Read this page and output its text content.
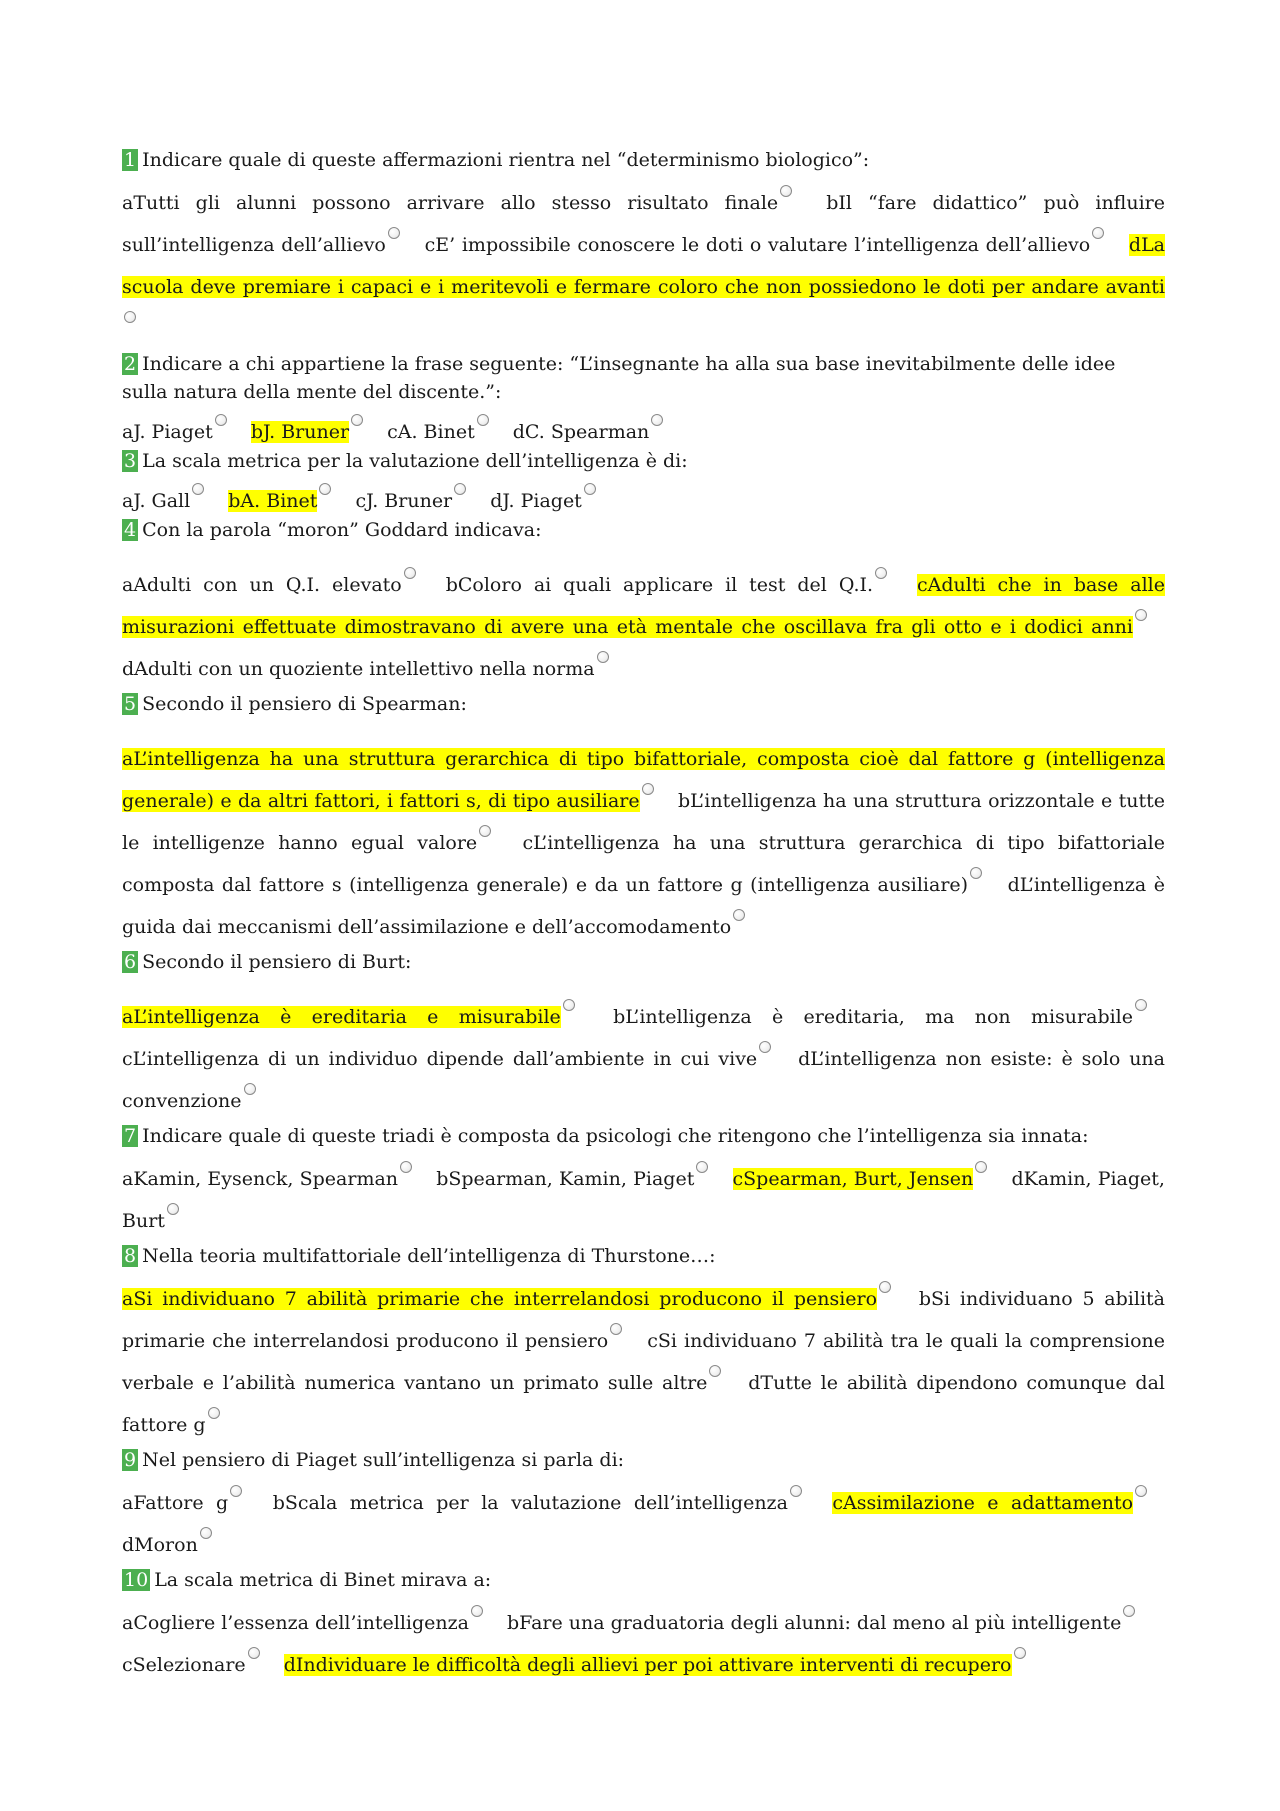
1 Indicare quale di queste affermazioni rientra nel “determinismo biologico”:
aTutti gli alunni possono arrivare allo stesso risultato finale	bIl “fare didattico” può influire sull’intelligenza dell’allievo cE’ impossibile conoscere le doti o valutare l’intelligenza dell’allievo dLa scuola deve premiare i capaci e i meritevoli e fermare coloro che non possiedono le doti per andare avanti
2 Indicare a chi appartiene la frase seguente: “L’insegnante ha alla sua base inevitabilmente delle idee sulla natura della mente del discente.”:
aJ. Piaget bJ. Bruner cA. Binet dC. Spearman
3 La scala metrica per la valutazione dell’intelligenza è di:
aJ. Gall bA. Binet cJ. Bruner dJ. Piaget
4 Con la parola “moron” Goddard indicava:
aAdulti con un Q.I. elevato bColoro ai quali applicare il test del Q.I. cAdulti che in base alle misurazioni effettuate dimostravano di avere una età mentale che oscillava fra gli otto e i dodici anni dAdulti con un quoziente intellettivo nella norma
5 Secondo il pensiero di Spearman:
aL’intelligenza ha una struttura gerarchica di tipo bifattoriale, composta cioè dal fattore g (intelligenza generale) e da altri fattori, i fattori s, di tipo ausiliare bL’intelligenza ha una struttura orizzontale e tutte le intelligenze hanno egual valore cL’intelligenza ha una struttura gerarchica di tipo bifattoriale composta dal fattore s (intelligenza generale) e da un fattore g (intelligenza ausiliare) dL’intelligenza è guida dai meccanismi dell’assimilazione e dell’accomodamento
6 Secondo il pensiero di Burt:
aL’intelligenza è ereditaria e misurabile	bL’intelligenza è ereditaria, ma non misurabile cL’intelligenza di un individuo dipende dall’ambiente in cui vive dL’intelligenza non esiste: è solo una convenzione
7 Indicare quale di queste triadi è composta da psicologi che ritengono che l’intelligenza sia innata:
aKamin, Eysenck, Spearman bSpearman, Kamin, Piaget cSpearman, Burt, Jensen dKamin, Piaget, Burt
8 Nella teoria multifattoriale dell’intelligenza di Thurstone…:
aSi individuano 7 abilità primarie che interrelandosi producono il pensiero bSi individuano 5 abilità primarie che interrelandosi producono il pensiero cSi individuano 7 abilità tra le quali la comprensione verbale e l’abilità numerica vantano un primato sulle altre dTutte le abilità dipendono comunque dal fattore g
9 Nel pensiero di Piaget sull’intelligenza si parla di:
aFattore g bScala metrica per la valutazione dell’intelligenza cAssimilazione e adattamento dMoron
10 La scala metrica di Binet mirava a:
aCogliere l’essenza dell’intelligenza bFare una graduatoria degli alunni: dal meno al più intelligente cSelezionare dIndividuare le difficoltà degli allievi per poi attivare interventi di recupero
